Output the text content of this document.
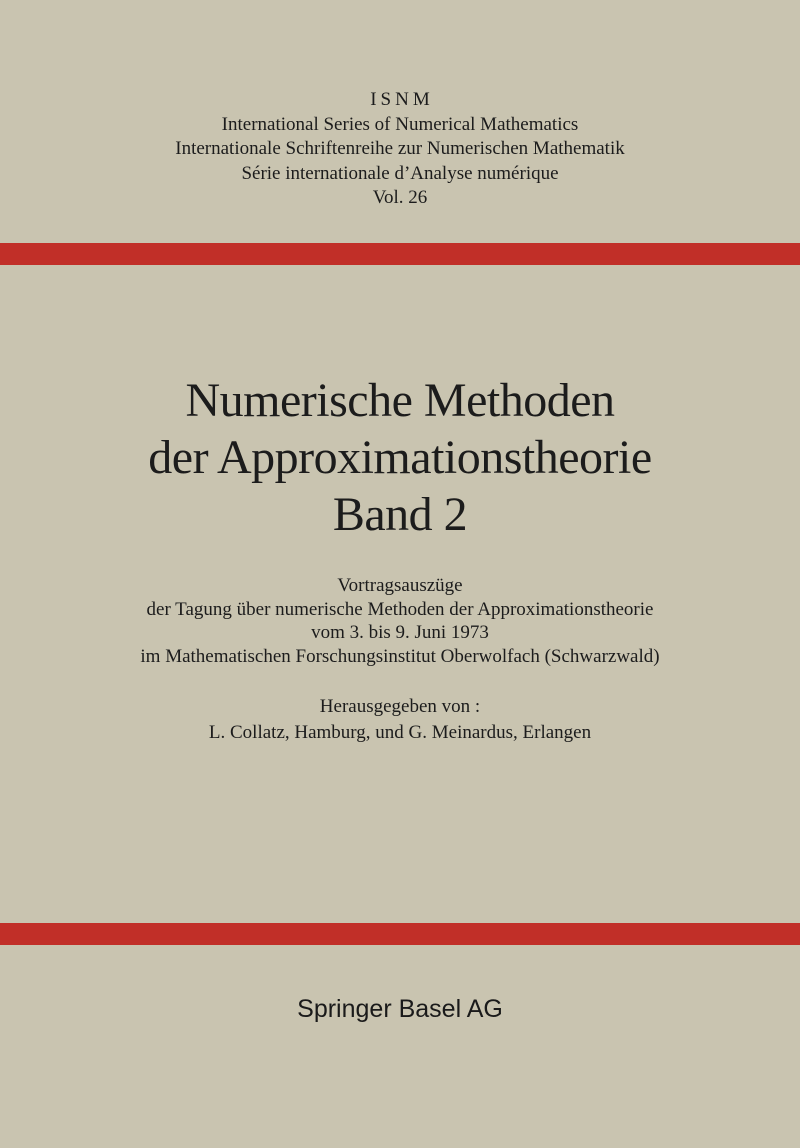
ISNM
International Series of Numerical Mathematics
Internationale Schriftenreihe zur Numerischen Mathematik
Série internationale d’Analyse numérique
Vol. 26
Numerische Methoden
der Approximationstheorie
Band 2
Vortragsauszüge
der Tagung über numerische Methoden der Approximationstheorie
vom 3. bis 9. Juni 1973
im Mathematischen Forschungsinstitut Oberwolfach (Schwarzwald)
Herausgegeben von :
L. Collatz, Hamburg, und G. Meinardus, Erlangen
Springer Basel AG
